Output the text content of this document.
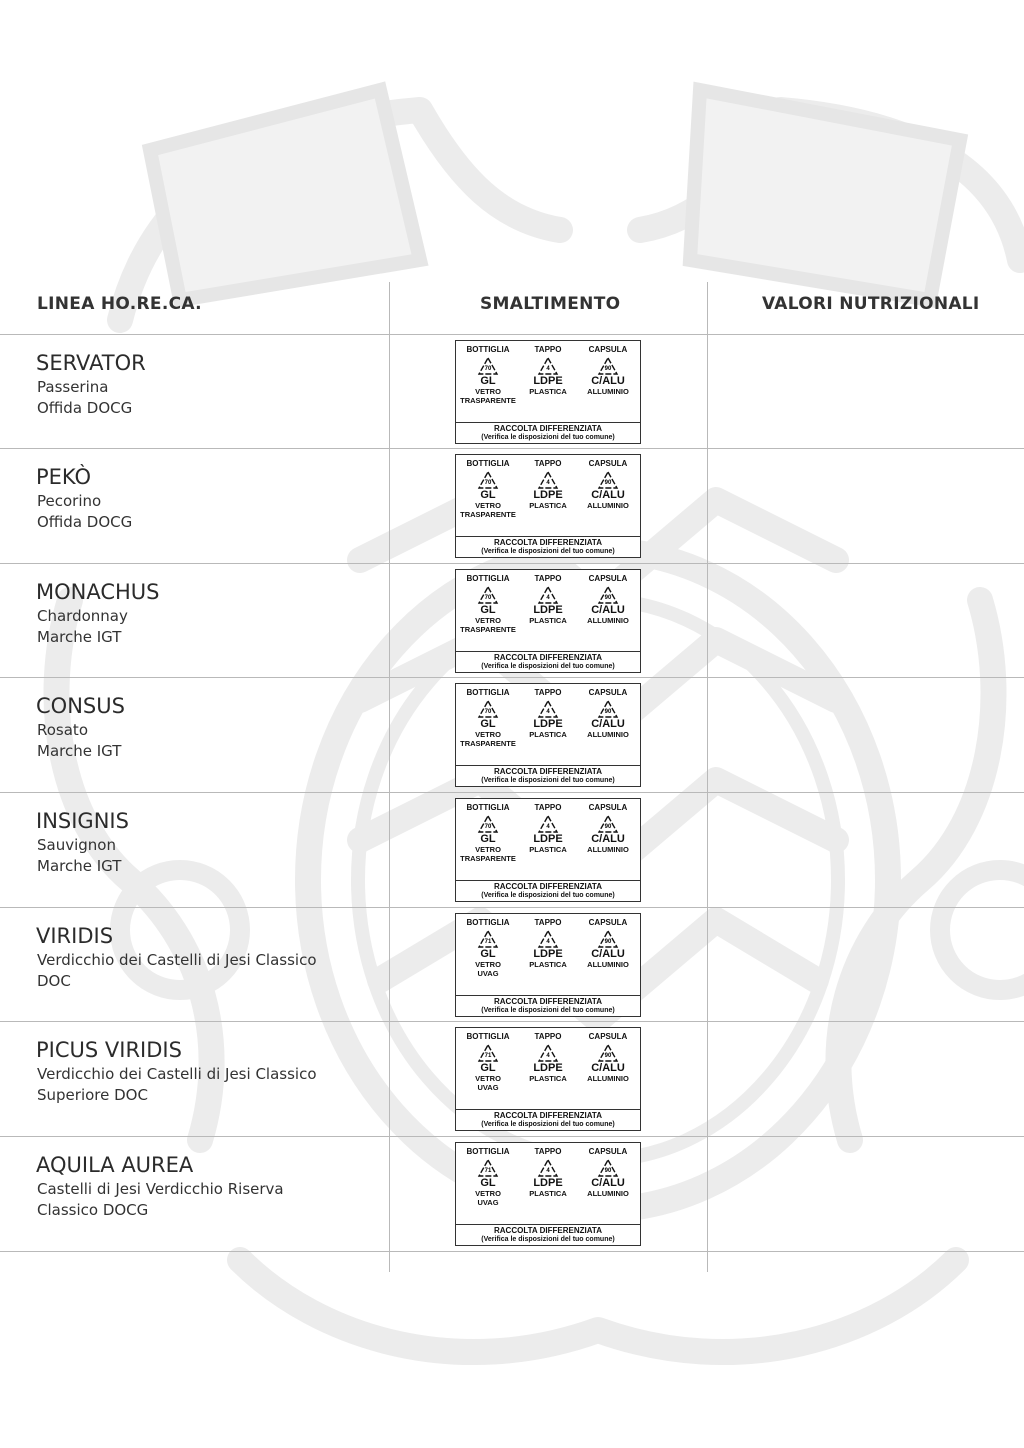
LINEA HO.RE.CA.	SMALTIMENTO	VALORI NUTRIZIONALI
SERVATOR
Passerina
Offida DOCG
BOTTIGLIA
70
GL
VETRO
TRASPARENTE
TAPPO
4
LDPE
PLASTICA
CAPSULA
90
C/ALU
ALLUMINIO
RACCOLTA DIFFERENZIATA
(Verifica le disposizioni del tuo comune)
PEKÒ
Pecorino
Offida DOCG
BOTTIGLIA
70
GL
VETRO
TRASPARENTE
TAPPO
4
LDPE
PLASTICA
CAPSULA
90
C/ALU
ALLUMINIO
RACCOLTA DIFFERENZIATA
(Verifica le disposizioni del tuo comune)
MONACHUS
Chardonnay
Marche IGT
BOTTIGLIA
70
GL
VETRO
TRASPARENTE
TAPPO
4
LDPE
PLASTICA
CAPSULA
90
C/ALU
ALLUMINIO
RACCOLTA DIFFERENZIATA
(Verifica le disposizioni del tuo comune)
CONSUS
Rosato
Marche IGT
BOTTIGLIA
70
GL
VETRO
TRASPARENTE
TAPPO
4
LDPE
PLASTICA
CAPSULA
90
C/ALU
ALLUMINIO
RACCOLTA DIFFERENZIATA
(Verifica le disposizioni del tuo comune)
INSIGNIS
Sauvignon
Marche IGT
BOTTIGLIA
70
GL
VETRO
TRASPARENTE
TAPPO
4
LDPE
PLASTICA
CAPSULA
90
C/ALU
ALLUMINIO
RACCOLTA DIFFERENZIATA
(Verifica le disposizioni del tuo comune)
VIRIDIS
Verdicchio dei Castelli di Jesi Classico
DOC
BOTTIGLIA
71
GL
VETRO
UVAG
TAPPO
4
LDPE
PLASTICA
CAPSULA
90
C/ALU
ALLUMINIO
RACCOLTA DIFFERENZIATA
(Verifica le disposizioni del tuo comune)
PICUS VIRIDIS
Verdicchio dei Castelli di Jesi Classico
Superiore DOC
BOTTIGLIA
71
GL
VETRO
UVAG
TAPPO
4
LDPE
PLASTICA
CAPSULA
90
C/ALU
ALLUMINIO
RACCOLTA DIFFERENZIATA
(Verifica le disposizioni del tuo comune)
AQUILA AUREA
Castelli di Jesi Verdicchio Riserva
Classico DOCG
BOTTIGLIA
71
GL
VETRO
UVAG
TAPPO
4
LDPE
PLASTICA
CAPSULA
90
C/ALU
ALLUMINIO
RACCOLTA DIFFERENZIATA
(Verifica le disposizioni del tuo comune)
